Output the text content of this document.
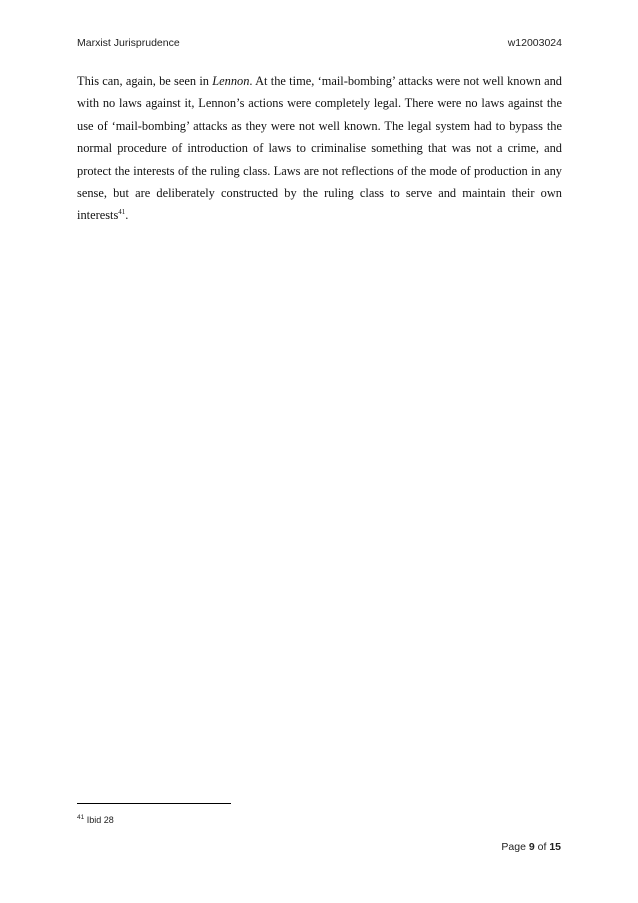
Marxist Jurisprudence	w12003024

This can, again, be seen in Lennon. At the time, ‘mail-bombing’ attacks were not well known and with no laws against it, Lennon’s actions were completely legal. There were no laws against the use of ‘mail-bombing’ attacks as they were not well known. The legal system had to bypass the normal procedure of introduction of laws to criminalise something that was not a crime, and protect the interests of the ruling class. Laws are not reflections of the mode of production in any sense, but are deliberately constructed by the ruling class to serve and maintain their own interests$^{41}$.

$^{41}$ Ibid 28
Page 9 of 15
